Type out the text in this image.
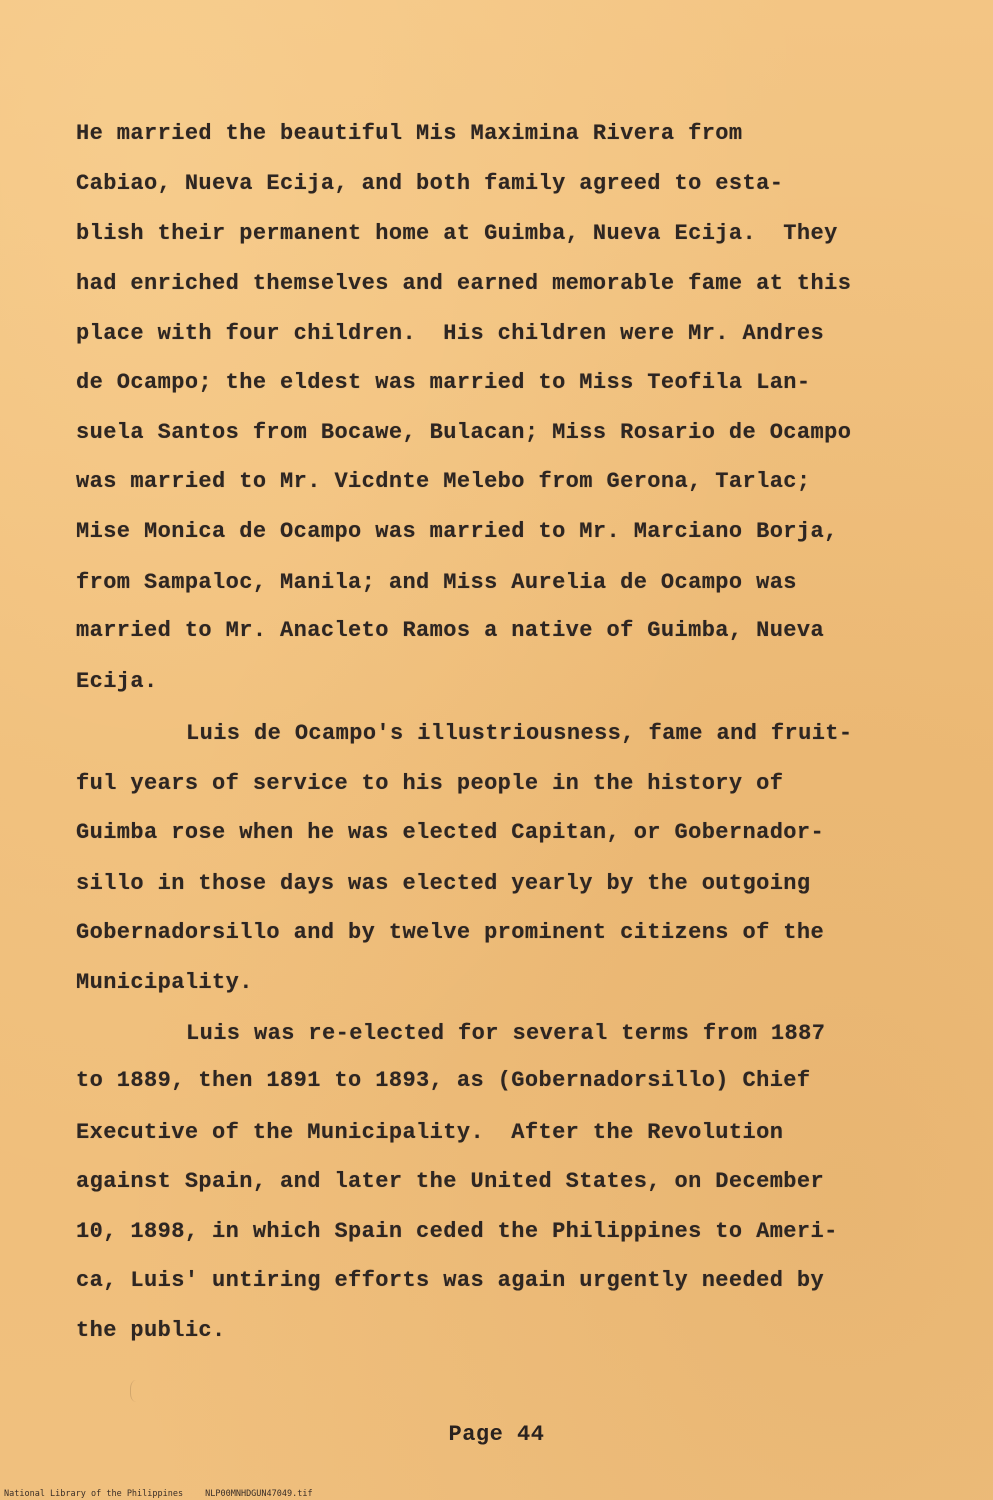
He married the beautiful Mis Maximina Rivera from
Cabiao, Nueva Ecija, and both family agreed to esta-
blish their permanent home at Guimba, Nueva Ecija.  They
had enriched themselves and earned memorable fame at this
place with four children.  His children were Mr. Andres
de Ocampo; the eldest was married to Miss Teofila Lan-
suela Santos from Bocawe, Bulacan; Miss Rosario de Ocampo
was married to Mr. Vicdnte Melebo from Gerona, Tarlac;
Mise Monica de Ocampo was married to Mr. Marciano Borja,
from Sampaloc, Manila; and Miss Aurelia de Ocampo was
married to Mr. Anacleto Ramos a native of Guimba, Nueva
Ecija.
Luis de Ocampo's illustriousness, fame and fruit-
ful years of service to his people in the history of
Guimba rose when he was elected Capitan, or Gobernador-
sillo in those days was elected yearly by the outgoing
Gobernadorsillo and by twelve prominent citizens of the
Municipality.
Luis was re-elected for several terms from 1887
to 1889, then 1891 to 1893, as (Gobernadorsillo) Chief
Executive of the Municipality.  After the Revolution
against Spain, and later the United States, on December
10, 1898, in which Spain ceded the Philippines to Ameri-
ca, Luis' untiring efforts was again urgently needed by
the public.
Page 44
National Library of the Philippines	NLP00MNHDGUN47049.tif
